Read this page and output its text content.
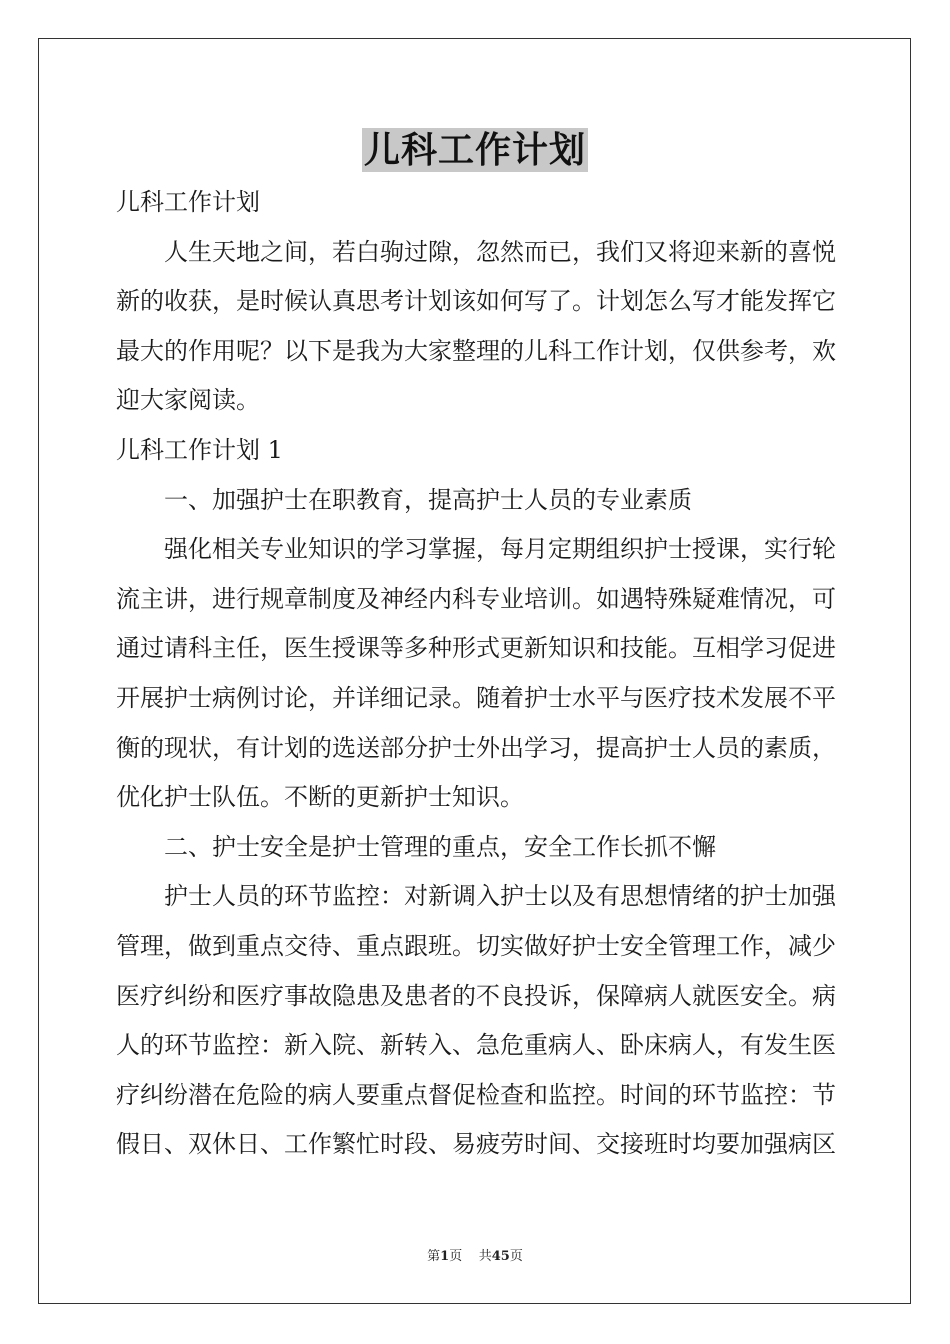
儿科工作计划
儿科工作计划
人生天地之间，若白驹过隙，忽然而已，我们又将迎来新的喜悦
新的收获，是时候认真思考计划该如何写了。计划怎么写才能发挥它
最大的作用呢？以下是我为大家整理的儿科工作计划，仅供参考，欢
迎大家阅读。
儿科工作计划 1
一、加强护士在职教育，提高护士人员的专业素质
强化相关专业知识的学习掌握，每月定期组织护士授课，实行轮
流主讲，进行规章制度及神经内科专业培训。如遇特殊疑难情况，可
通过请科主任，医生授课等多种形式更新知识和技能。互相学习促进
开展护士病例讨论，并详细记录。随着护士水平与医疗技术发展不平
衡的现状，有计划的选送部分护士外出学习，提高护士人员的素质，
优化护士队伍。不断的更新护士知识。
二、护士安全是护士管理的重点，安全工作长抓不懈
护士人员的环节监控：对新调入护士以及有思想情绪的护士加强
管理，做到重点交待、重点跟班。切实做好护士安全管理工作，减少
医疗纠纷和医疗事故隐患及患者的不良投诉，保障病人就医安全。病
人的环节监控：新入院、新转入、急危重病人、卧床病人，有发生医
疗纠纷潜在危险的病人要重点督促检查和监控。时间的环节监控：节
假日、双休日、工作繁忙时段、易疲劳时间、交接班时均要加强病区
第1页 共45页
